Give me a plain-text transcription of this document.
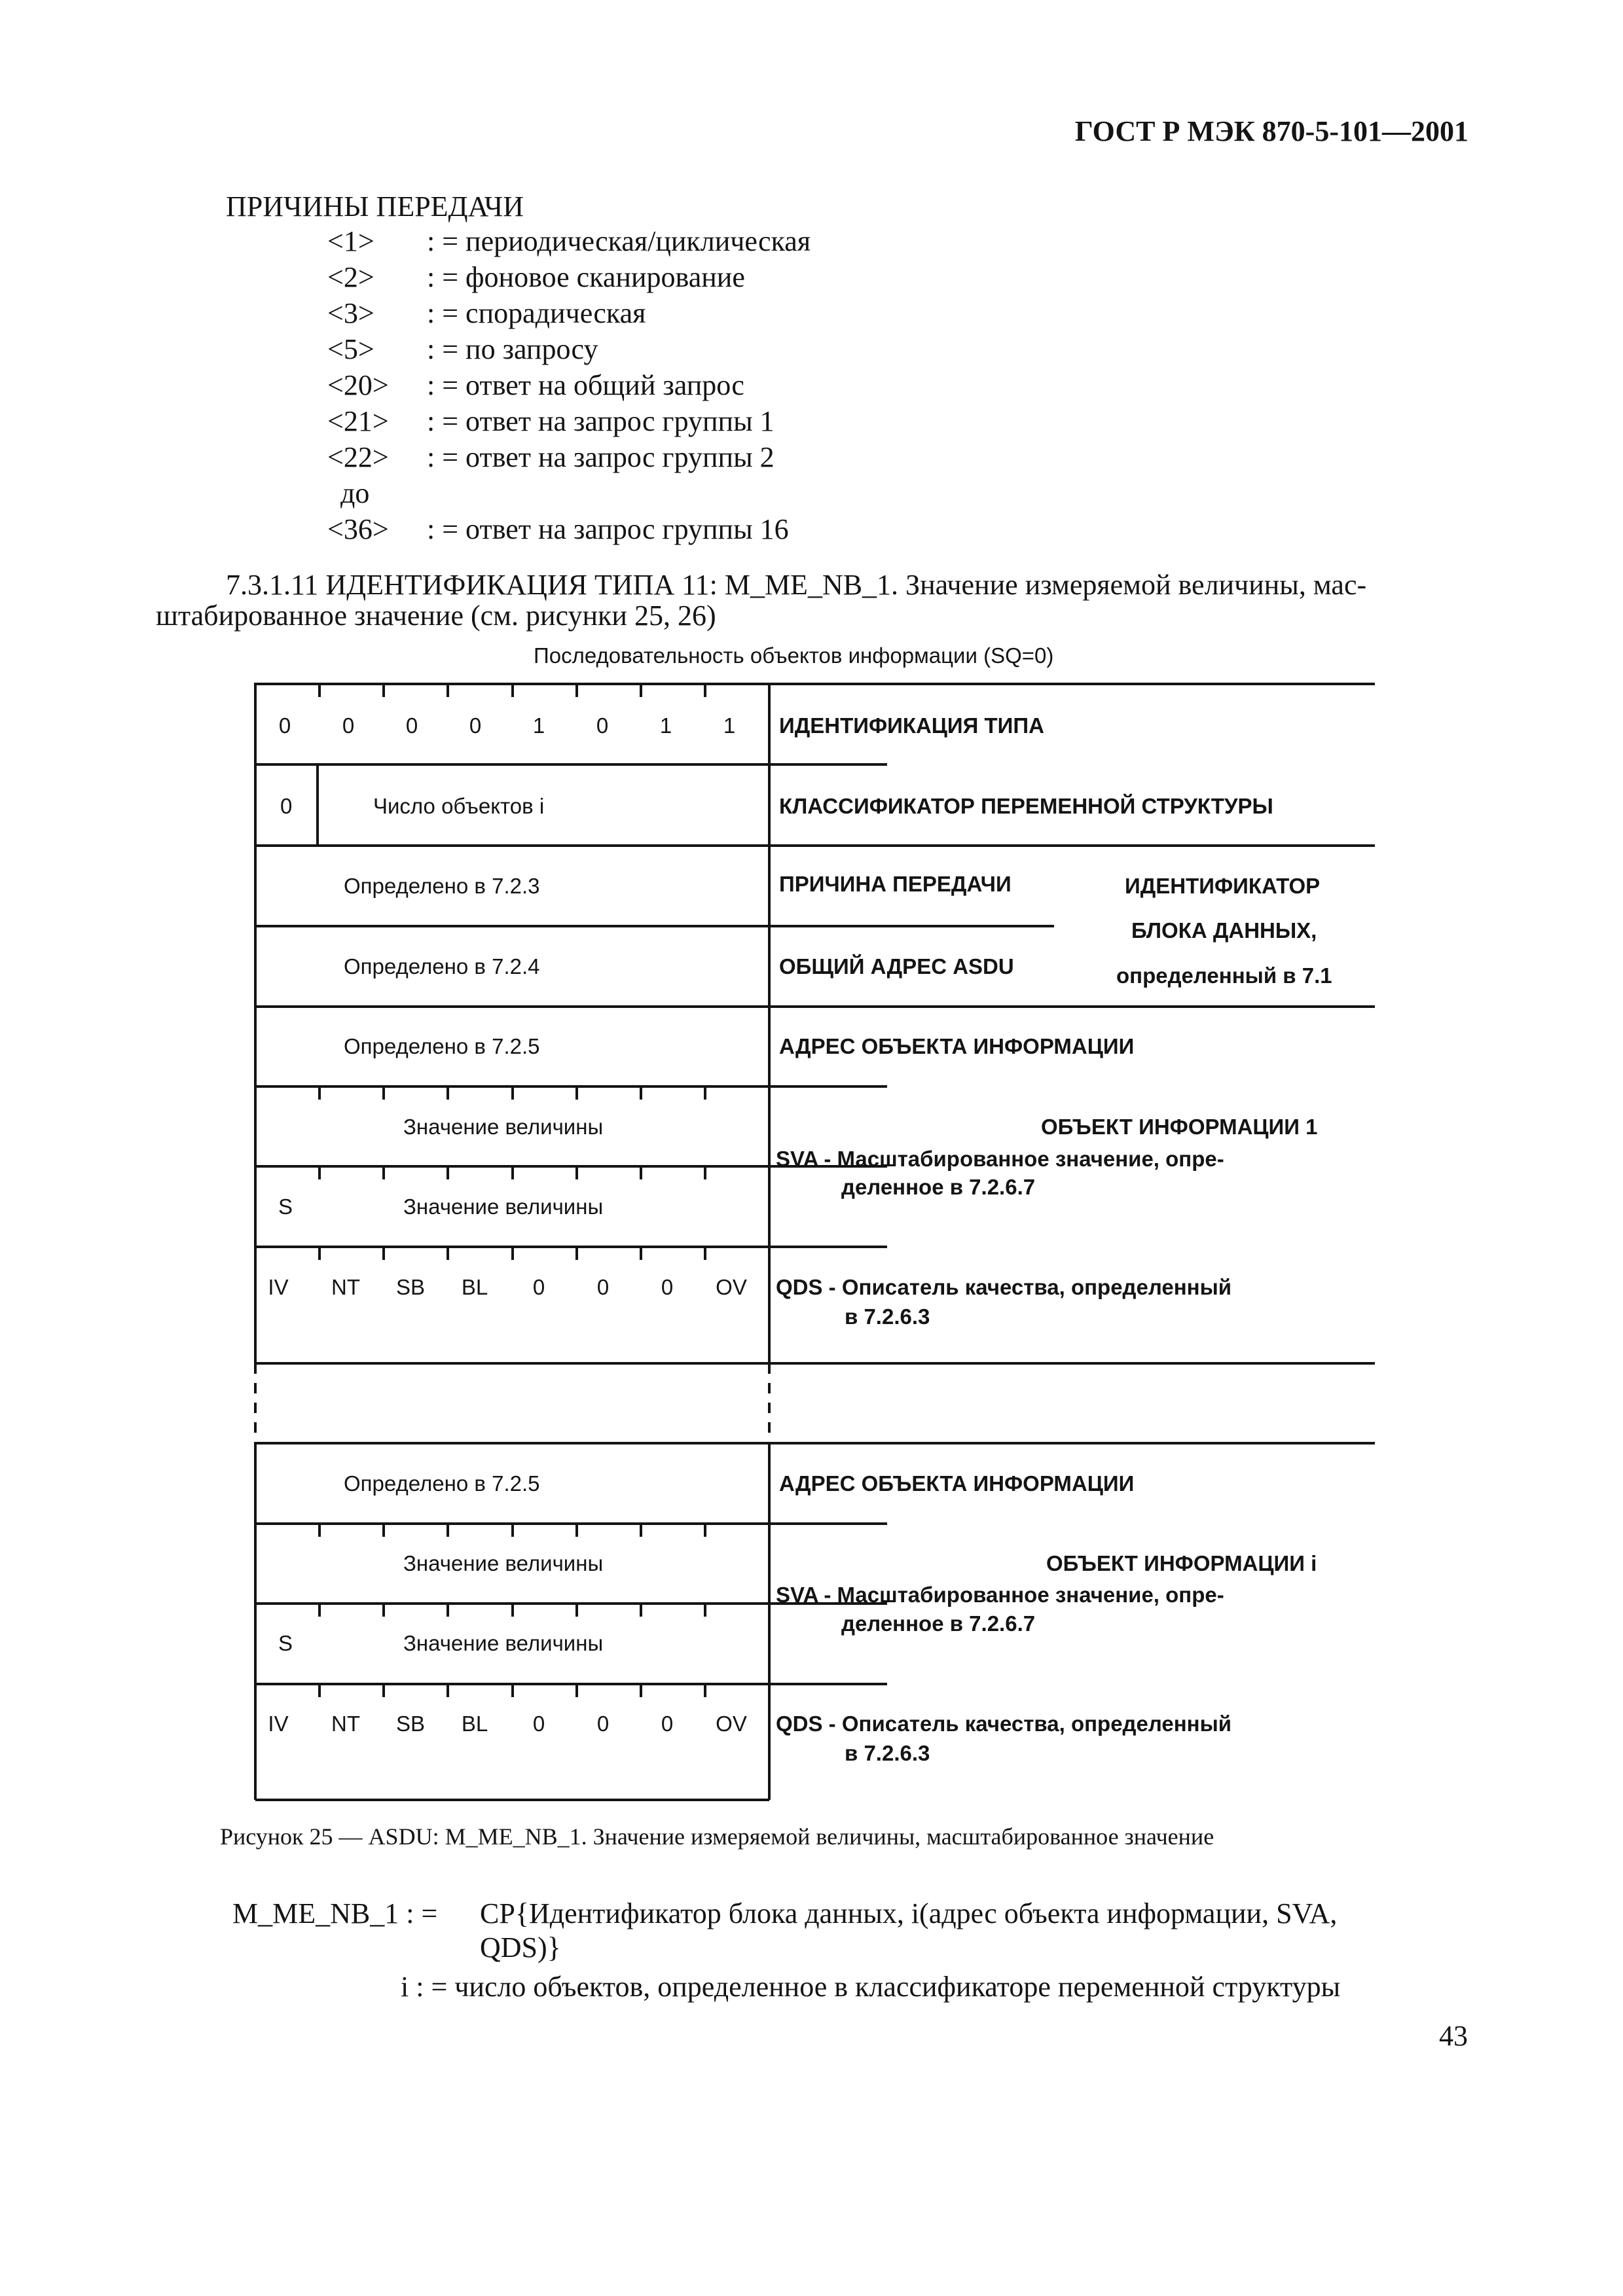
ГОСТ Р МЭК 870-5-101—2001
ПРИЧИНЫ ПЕРЕДАЧИ
<1> : = периодическая/циклическая
<2> : = фоновое сканирование
<3> : = спорадическая
<5> : = по запросу
<20> : = ответ на общий запрос
<21> : = ответ на запрос группы 1
<22> : = ответ на запрос группы 2
до
<36> : = ответ на запрос группы 16
7.3.1.11 ИДЕНТИФИКАЦИЯ ТИПА 11: M_ME_NB_1. Значение измеряемой величины, мас-
штабированное значение (см. рисунки 25, 26)
Последовательность объектов информации (SQ=0)
0	0	0	0	1	0	1	1	ИДЕНТИФИКАЦИЯ ТИПА
0	Число объектов i	КЛАССИФИКАТОР ПЕРЕМЕННОЙ СТРУКТУРЫ
Определено в 7.2.3	ПРИЧИНА ПЕРЕДАЧИ
Определено в 7.2.4	ОБЩИЙ АДРЕС ASDU
ИДЕНТИФИКАТОР
БЛОКА ДАННЫХ,
определенный в 7.1
Определено в 7.2.5	АДРЕС ОБЪЕКТА ИНФОРМАЦИИ
Значение величины	ОБЪЕКТ ИНФОРМАЦИИ 1
SVA - Масштабированное значение, опре-
деленное в 7.2.6.7
S	Значение величины
IV	NT	SB	BL	0	0	0	OV	QDS - Описатель качества, определенный
в 7.2.6.3
Определено в 7.2.5	АДРЕС ОБЪЕКТА ИНФОРМАЦИИ
Значение величины	ОБЪЕКТ ИНФОРМАЦИИ i
SVA - Масштабированное значение, опре-
деленное в 7.2.6.7
S	Значение величины
IV	NT	SB	BL	0	0	0	OV	QDS - Описатель качества, определенный
в 7.2.6.3
Рисунок 25 — ASDU: M_ME_NB_1. Значение измеряемой величины, масштабированное значение
M_ME_NB_1 : = CP{Идентификатор блока данных, i(адрес объекта информации, SVA,
QDS)}
i : = число объектов, определенное в классификаторе переменной структуры
43
